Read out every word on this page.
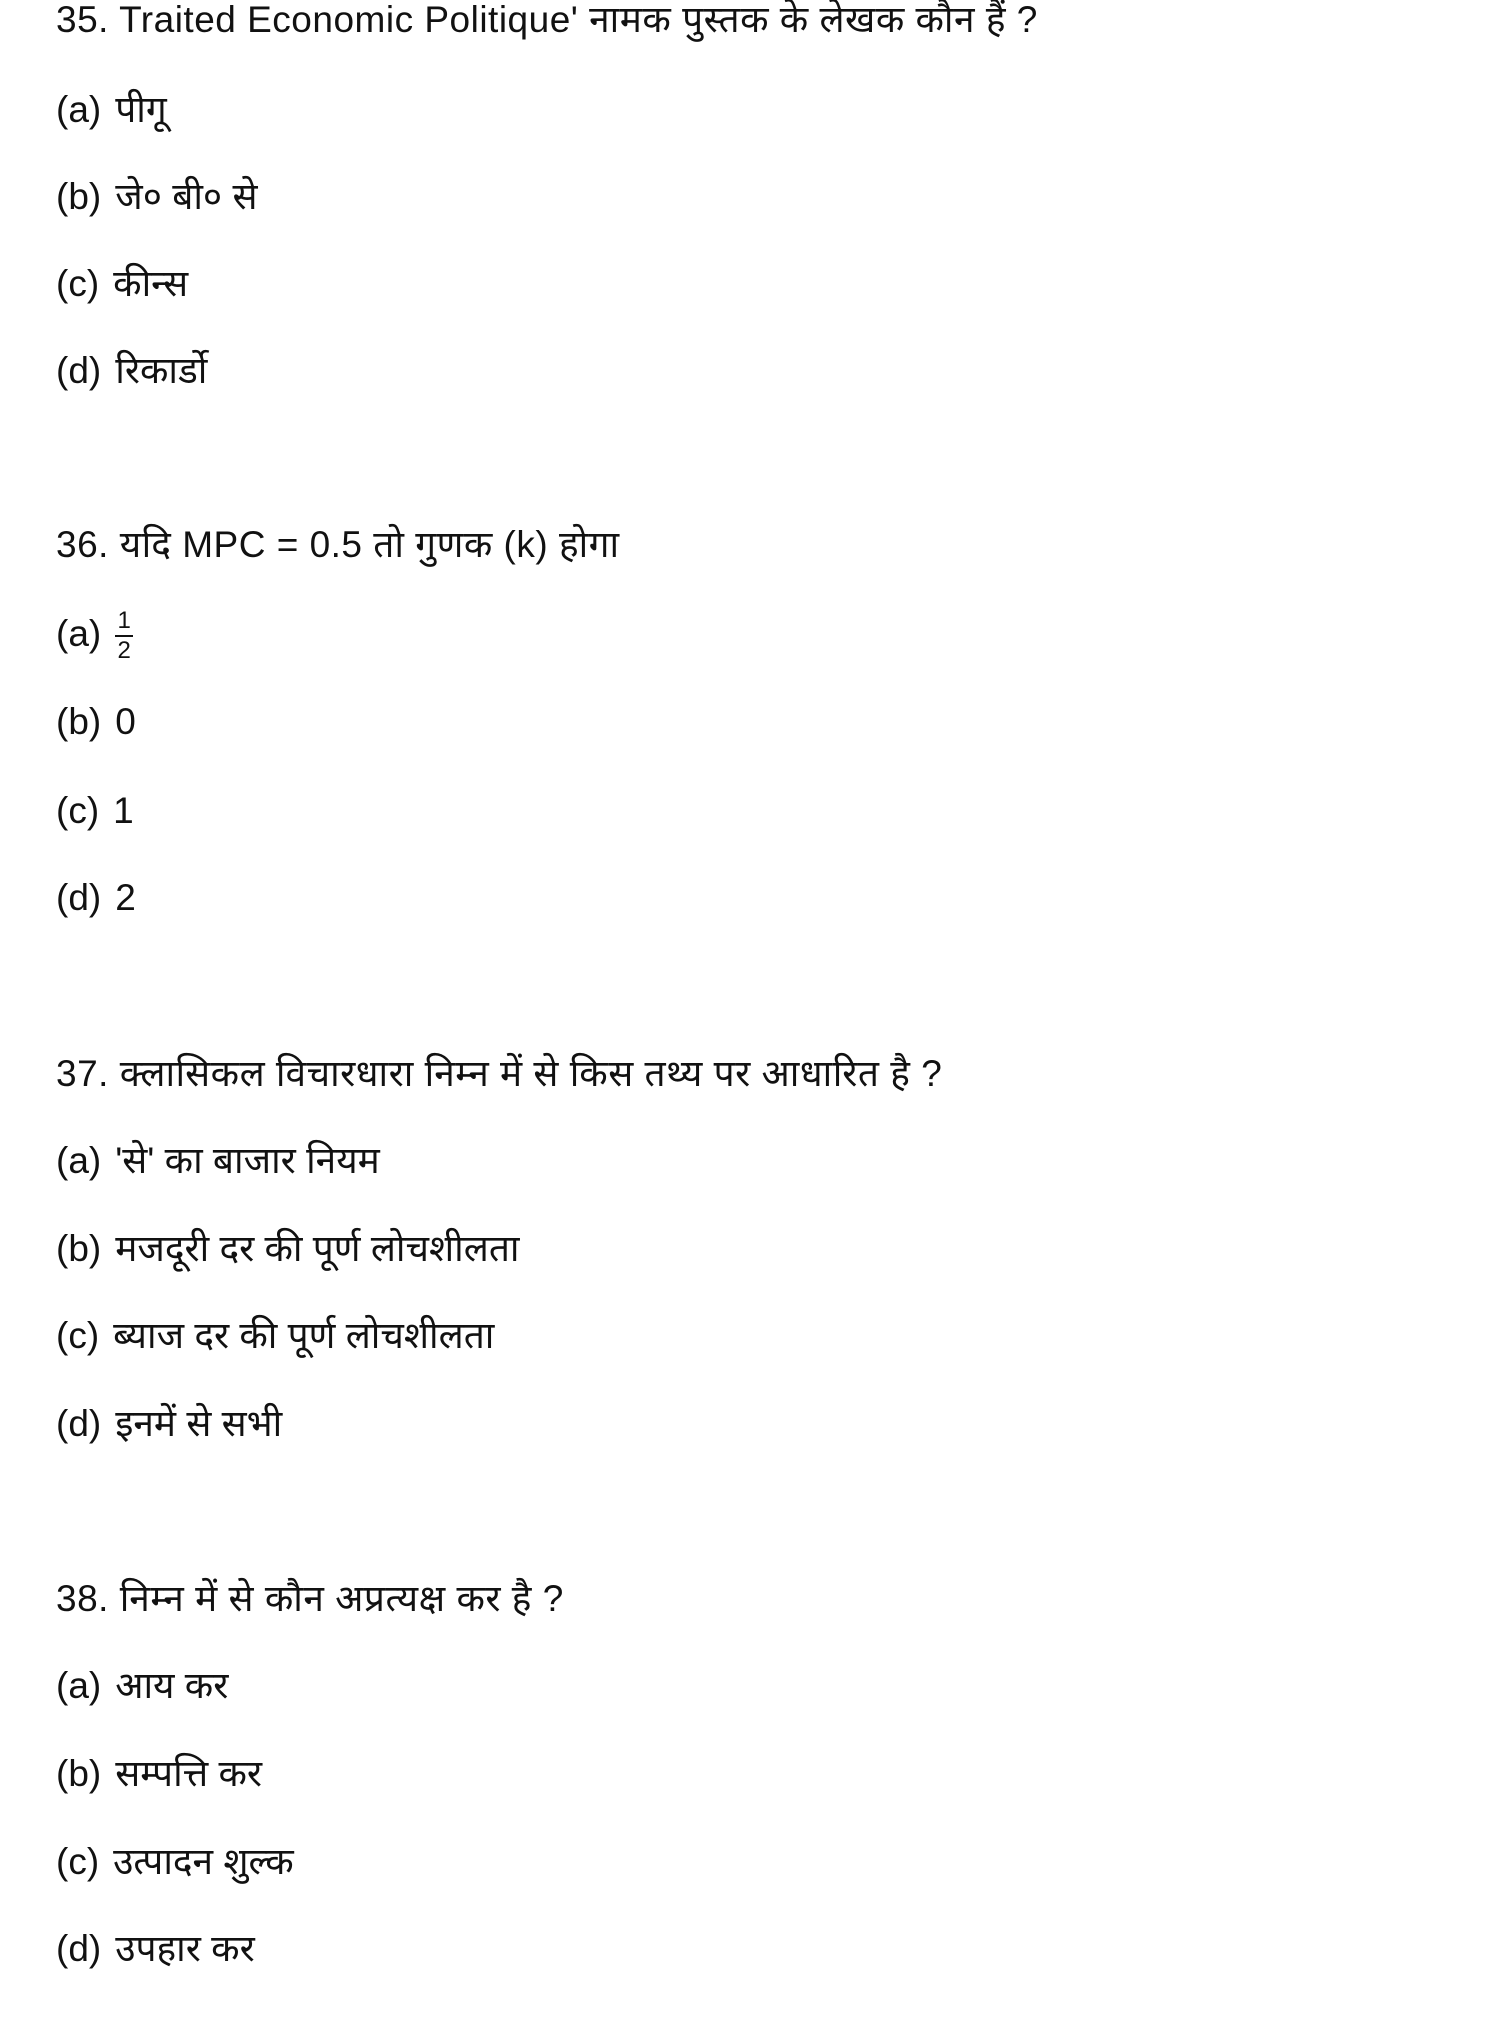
35. Traited Economic Politique' नामक पुस्तक के लेखक कौन हैं ?
(a) पीगू
(b) जे० बी० से
(c) कीन्स
(d) रिकार्डो
36. यदि MPC = 0.5 तो गुणक (k) होगा
$(a) \frac{1}{2}$
(b) 0
(c) 1
(d) 2
37. क्लासिकल विचारधारा निम्न में से किस तथ्य पर आधारित है ?
(a) 'से' का बाजार नियम
(b) मजदूरी दर की पूर्ण लोचशीलता
(c) ब्याज दर की पूर्ण लोचशीलता
(d) इनमें से सभी
38. निम्न में से कौन अप्रत्यक्ष कर है ?
(a) आय कर
(b) सम्पत्ति कर
(c) उत्पादन शुल्क
(d) उपहार कर
